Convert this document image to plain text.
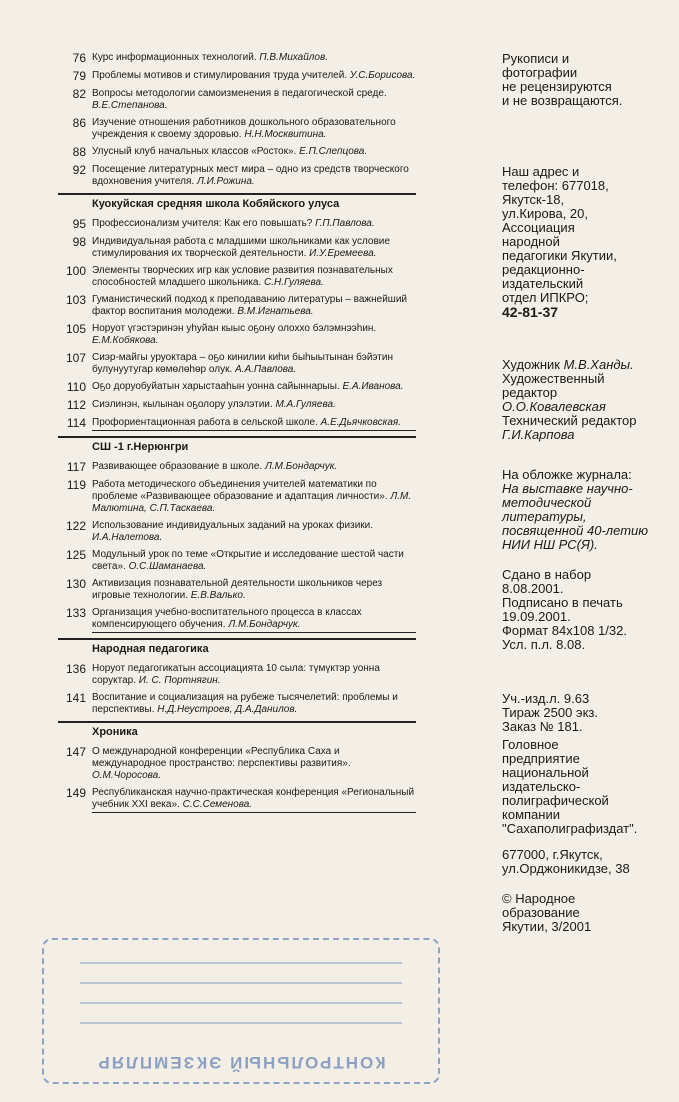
76 Курс информационных технологий. П.В.Михайлов.
79 Проблемы мотивов и стимулирования труда учителей. У.С.Борисова.
82 Вопросы методологии самоизменения в педагогической среде. В.Е.Степанова.
86 Изучение отношения работников дошкольного образовательного учреждения к своему здоровью. Н.Н.Москвитина.
88 Улусный клуб начальных классов «Росток». Е.П.Слепцова.
92 Посещение литературных мест мира – одно из средств творческого вдохновения учителя. Л.И.Рожина.
Куокуйская средняя школа Кобяйского улуса
95 Профессионализм учителя: Как его повышать? Г.П.Павлова.
98 Индивидуальная работа с младшими школьниками как условие стимулирования их творческой деятельности. И.У.Еремеева.
100 Элементы творческих игр как условие развития познавательных способностей младшего школьника. С.Н.Гуляева.
103 Гуманистический подход к преподаванию литературы – важнейший фактор воспитания молодежи. В.М.Игнатьева.
105 Норуот үгэстэринэн уһуйан кыыс оҕону олоххо бэлэмнээһин. Е.М.Кобякова.
107 Сиэр-майгы уруоктара – оҕо кинилии киһи быһыытынан бэйэтин булунуутугар көмөлөһөр олук. А.А.Павлова.
110 Оҕо доруобуйатын харыстааһын уонна сайыннарыы. Е.А.Иванова.
112 Сиэлинэн, кылынан оҕолору улэлэтии. М.А.Гуляева.
114 Профориентационная работа в сельской школе. А.Е.Дьячковская.
СШ -1 г.Нерюнгри
117 Развивающее образование в школе. Л.М.Бондарчук.
119 Работа методического объединения учителей математики по проблеме «Развивающее образование и адаптация личности». Л.М. Малютина, С.П.Таскаева.
122 Использование индивидуальных заданий на уроках физики. И.А.Налетова.
125 Модульный урок по теме «Открытие и исследование шестой части света». О.С.Шаманаева.
130 Активизация познавательной деятельности школьников через игровые технологии. Е.В.Валько.
133 Организация учебно-воспитательного процесса в классах компенсирующего обучения. Л.М.Бондарчук.
Народная педагогика
136 Норуот педагогикатын ассоциацията 10 сыла: түмүктэр уонна соруктар. И. С. Портнягин.
141 Воспитание и социализация на рубеже тысячелетий: проблемы и перспективы. Н.Д.Неустроев, Д.А.Данилов.
Хроника
147 О международной конференции «Республика Саха и международное пространство: перспективы развития». О.М.Чоросова.
149 Республиканская научно-практическая конференция «Региональный учебник XXI века». С.С.Семенова.
Рукописи и
фотографии
не рецензируются
и не возвращаются.
Наш адрес и
телефон: 677018,
Якутск-18,
ул.Кирова, 20,
Ассоциация
народной
педагогики Якутии,
редакционно-
издательский
отдел ИПКРО;
42-81-37
Художник М.В.Ханды.
Художественный
редактор
О.О.Ковалевская
Технический редактор
Г.И.Карпова
На обложке журнала:
На выставке научно-
методической
литературы,
посвященной 40-летию
НИИ НШ РС(Я).
Сдано в набор
8.08.2001.
Подписано в печать
19.09.2001.
Формат 84x108 1/32.
Усл. п.л. 8.08.
Уч.-изд.л. 9.63
Тираж 2500 экз.
Заказ № 181.
Головное
предприятие
национальной
издательско-
полиграфической
компании
"Сахаполиграфиздат".
677000, г.Якутск,
ул.Орджоникидзе, 38
© Народное
образование
Якутии, 3/2001
КОНТРОЛЬНЫЙ ЭКЗЕМПЛЯР
